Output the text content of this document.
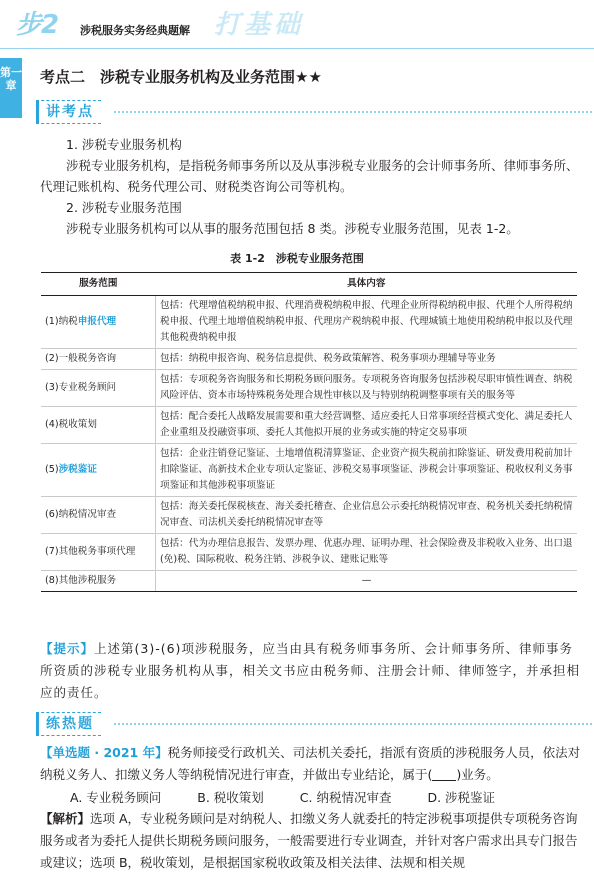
步2 涉税服务实务经典题解 打基础
第一章	考点二　涉税专业服务机构及业务范围★★
讲考点
1. 涉税专业服务机构
涉税专业服务机构，是指税务师事务所以及从事涉税专业服务的会计师事务所、律师事务所、代理记账机构、税务代理公司、财税类咨询公司等机构。
2. 涉税专业服务范围
涉税专业服务机构可以从事的服务范围包括 8 类。涉税专业服务范围，见表 1-2。
表 1-2　涉税专业服务范围
服务范围	具体内容
(1)纳税申报代理	包括：代理增值税纳税申报、代理消费税纳税申报、代理企业所得税纳税申报、代理个人所得税纳税申报、代理土地增值税纳税申报、代理房产税纳税申报、代理城镇土地使用税纳税申报以及代理其他税费纳税申报
(2)一般税务咨询	包括：纳税申报咨询、税务信息提供、税务政策解答、税务事项办理辅导等业务
(3)专业税务顾问	包括：专项税务咨询服务和长期税务顾问服务。专项税务咨询服务包括涉税尽职审慎性调查、纳税风险评估、资本市场特殊税务处理合规性审核以及与特别纳税调整事项有关的服务等
(4)税收策划	包括：配合委托人战略发展需要和重大经营调整、适应委托人日常事项经营模式变化、满足委托人企业重组及投融资事项、委托人其他拟开展的业务或实施的特定交易事项
(5)涉税鉴证	包括：企业注销登记鉴证、土地增值税清算鉴证、企业资产损失税前扣除鉴证、研发费用税前加计扣除鉴证、高新技术企业专项认定鉴证、涉税交易事项鉴证、涉税会计事项鉴证、税收权利义务事项鉴证和其他涉税事项鉴证
(6)纳税情况审查	包括：海关委托保税核查、海关委托稽查、企业信息公示委托纳税情况审查、税务机关委托纳税情况审查、司法机关委托纳税情况审查等
(7)其他税务事项代理	包括：代为办理信息报告、发票办理、优惠办理、证明办理、社会保险费及非税收入业务、出口退(免)税、国际税收、税务注销、涉税争议、建账记账等
(8)其他涉税服务	—
【提示】上述第(3)-(6)项涉税服务，应当由具有税务师事务所、会计师事务所、律师事务所资质的涉税专业服务机构从事，相关文书应由税务师、注册会计师、律师签字，并承担相应的责任。
练热题
【单选题 · 2021 年】税务师接受行政机关、司法机关委托，指派有资质的涉税服务人员，依法对纳税义务人、扣缴义务人等纳税情况进行审查，并做出专业结论，属于( )业务。
A. 专业税务顾问	B. 税收策划	C. 纳税情况审查	D. 涉税鉴证
【解析】选项 A，专业税务顾问是对纳税人、扣缴义务人就委托的特定涉税事项提供专项税务咨询服务或者为委托人提供长期税务顾问服务，一般需要进行专业调查，并针对客户需求出具专门报告或建议；选项 B，税收策划，是根据国家税收政策及相关法律、法规和相关规
